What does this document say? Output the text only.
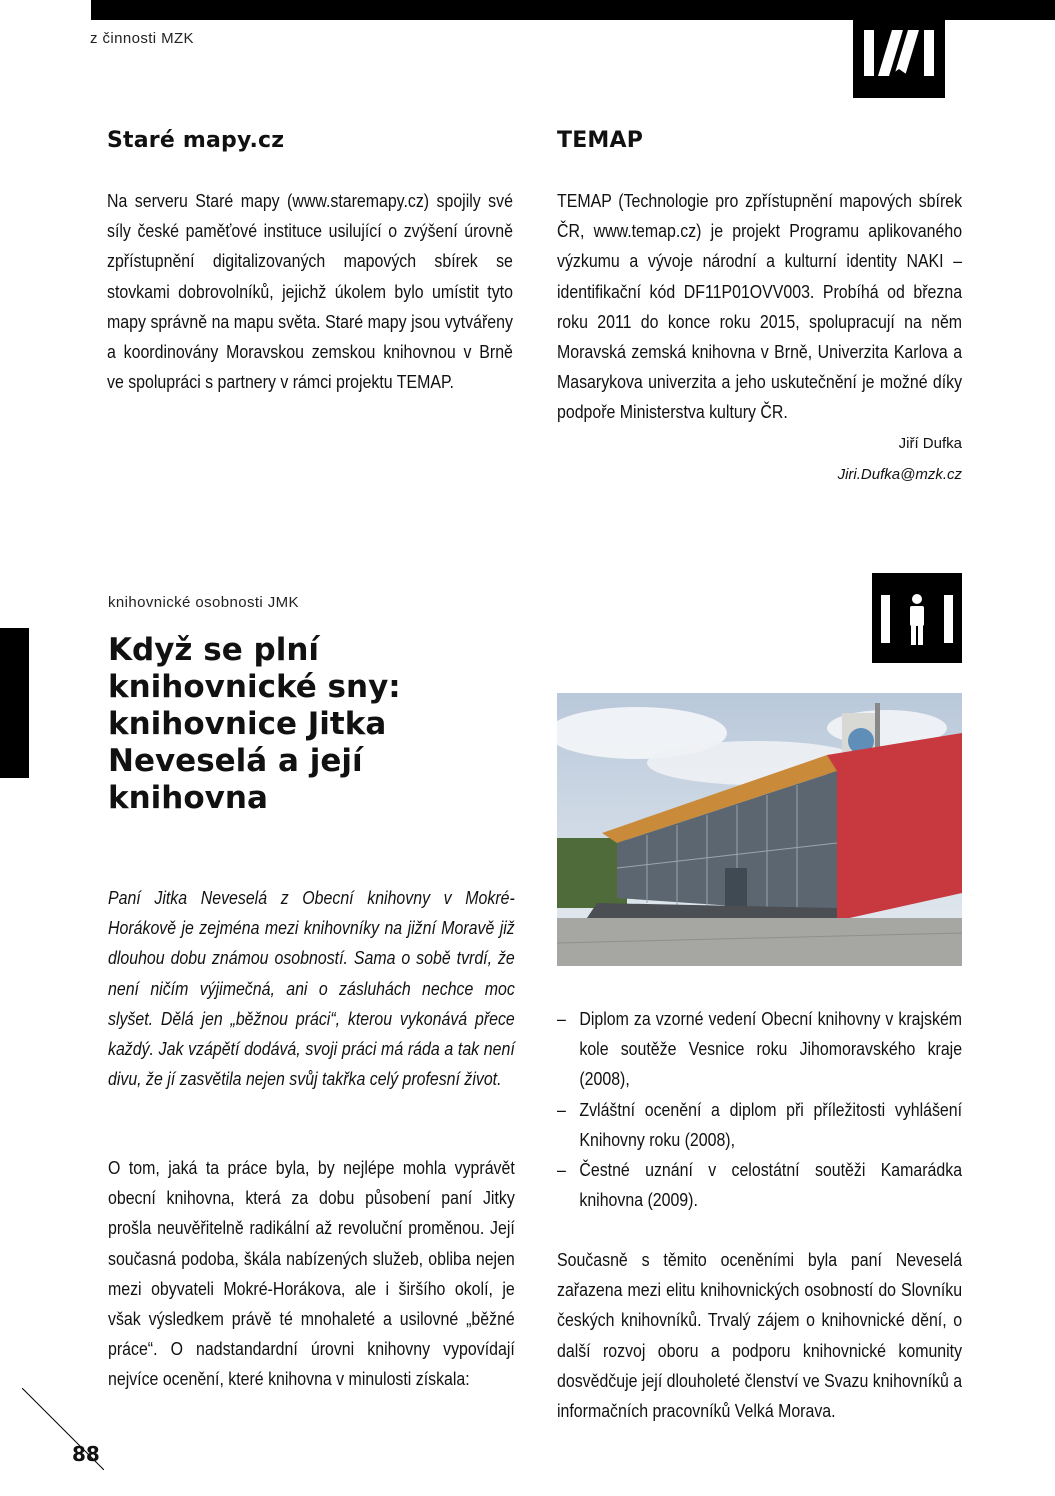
z činnosti MZK
Staré mapy.cz

Na serveru Staré mapy (www.staremapy.cz) spojily své síly české paměťové instituce usilující o zvýšení úrovně zpřístupnění digitalizovaných mapových sbírek se stovkami dobrovolníků, jejichž úkolem bylo umístit tyto mapy správně na mapu světa. Staré mapy jsou vytvářeny a koordinovány Moravskou zemskou knihovnou v Brně ve spolupráci s partnery v rámci projektu TEMAP.

TEMAP

TEMAP (Technologie pro zpřístupnění mapových sbírek ČR, www.temap.cz) je projekt Programu aplikovaného výzkumu a vývoje národní a kulturní identity NAKI – identifikační kód DF11P01OVV003. Probíhá od března roku 2011 do konce roku 2015, spolupracují na něm Moravská zemská knihovna v Brně, Univerzita Karlova a Masarykova univerzita a jeho uskutečnění je možné díky podpoře Ministerstva kultury ČR.

Jiří Dufka
Jiri.Dufka@mzk.cz
knihovnické osobnosti JMK
Když se plní knihovnické sny: knihovnice Jitka Neveselá a její knihovna

Paní Jitka Neveselá z Obecní knihovny v Mokré-Horákově je zejména mezi knihovníky na jižní Moravě již dlouhou dobu známou osobností. Sama o sobě tvrdí, že není ničím výjimečná, ani o zásluhách nechce moc slyšet. Dělá jen „běžnou práci“, kterou vykonává přece každý. Jak vzápětí dodává, svoji práci má ráda a tak není divu, že jí zasvětila nejen svůj takřka celý profesní život.

O tom, jaká ta práce byla, by nejlépe mohla vyprávět obecní knihovna, která za dobu působení paní Jitky prošla neuvěřitelně radikální až revoluční proměnou. Její současná podoba, škála nabízených služeb, obliba nejen mezi obyvateli Mokré-Horákova, ale i širšího okolí, je však výsledkem právě té mnohaleté a usilovné „běžné práce“. O nadstandardní úrovni knihovny vypovídají nejvíce ocenění, které knihovna v minulosti získala:

– Diplom za vzorné vedení Obecní knihovny v krajském kole soutěže Vesnice roku Jihomoravského kraje (2008),
– Zvláštní ocenění a diplom při příležitosti vyhlášení Knihovny roku (2008),
– Čestné uznání v celostátní soutěži Kamarádka knihovna (2009).

Současně s těmito oceněními byla paní Neveselá zařazena mezi elitu knihovnických osobností do Slovníku českých knihovníků. Trvalý zájem o knihovnické dění, o další rozvoj oboru a podporu knihovnické komunity dosvědčuje její dlouholeté členství ve Svazu knihovníků a informačních pracovníků Velká Morava.

88
